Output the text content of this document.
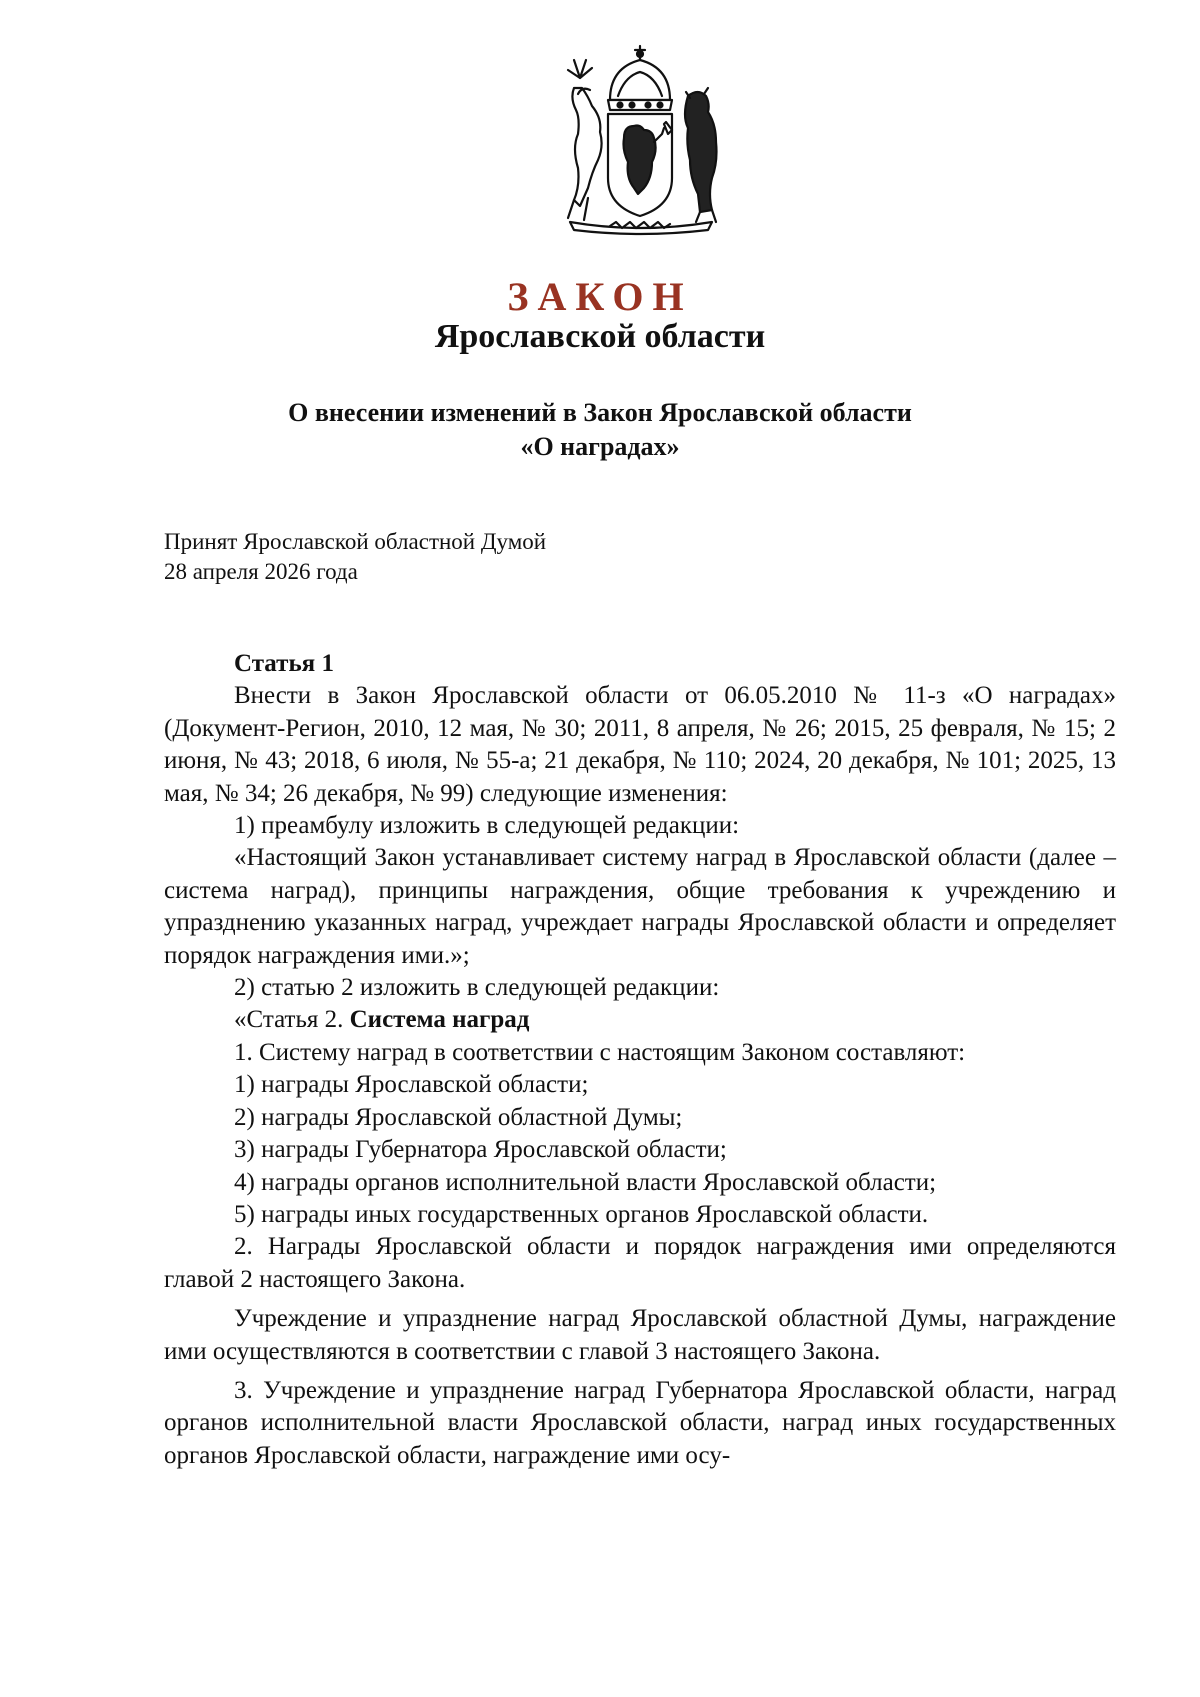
ЗАКОН
Ярославской области
О внесении изменений в Закон Ярославской области
«О наградах»
Принят Ярославской областной Думой
28 апреля 2026 года

Статья 1

Внести в Закон Ярославской области от 06.05.2010 № 11-з «О наградах» (Документ-Регион, 2010, 12 мая, № 30; 2011, 8 апреля, № 26; 2015, 25 февраля, № 15; 2 июня, № 43; 2018, 6 июля, № 55-а; 21 декабря, № 110; 2024, 20 декабря, № 101; 2025, 13 мая, № 34; 26 декабря, № 99) следующие изменения:

1) преамбулу изложить в следующей редакции:

«Настоящий Закон устанавливает систему наград в Ярославской области (далее – система наград), принципы награждения, общие требования к учреждению и упразднению указанных наград, учреждает награды Ярославской области и определяет порядок награждения ими.»;

2) статью 2 изложить в следующей редакции:

«Статья 2. Система наград

1. Систему наград в соответствии с настоящим Законом составляют:

1) награды Ярославской области;

2) награды Ярославской областной Думы;

3) награды Губернатора Ярославской области;

4) награды органов исполнительной власти Ярославской области;

5) награды иных государственных органов Ярославской области.

2. Награды Ярославской области и порядок награждения ими определяются главой 2 настоящего Закона.

Учреждение и упразднение наград Ярославской областной Думы, награждение ими осуществляются в соответствии с главой 3 настоящего Закона.

3. Учреждение и упразднение наград Губернатора Ярославской области, наград органов исполнительной власти Ярославской области, наград иных государственных органов Ярославской области, награждение ими осу-
